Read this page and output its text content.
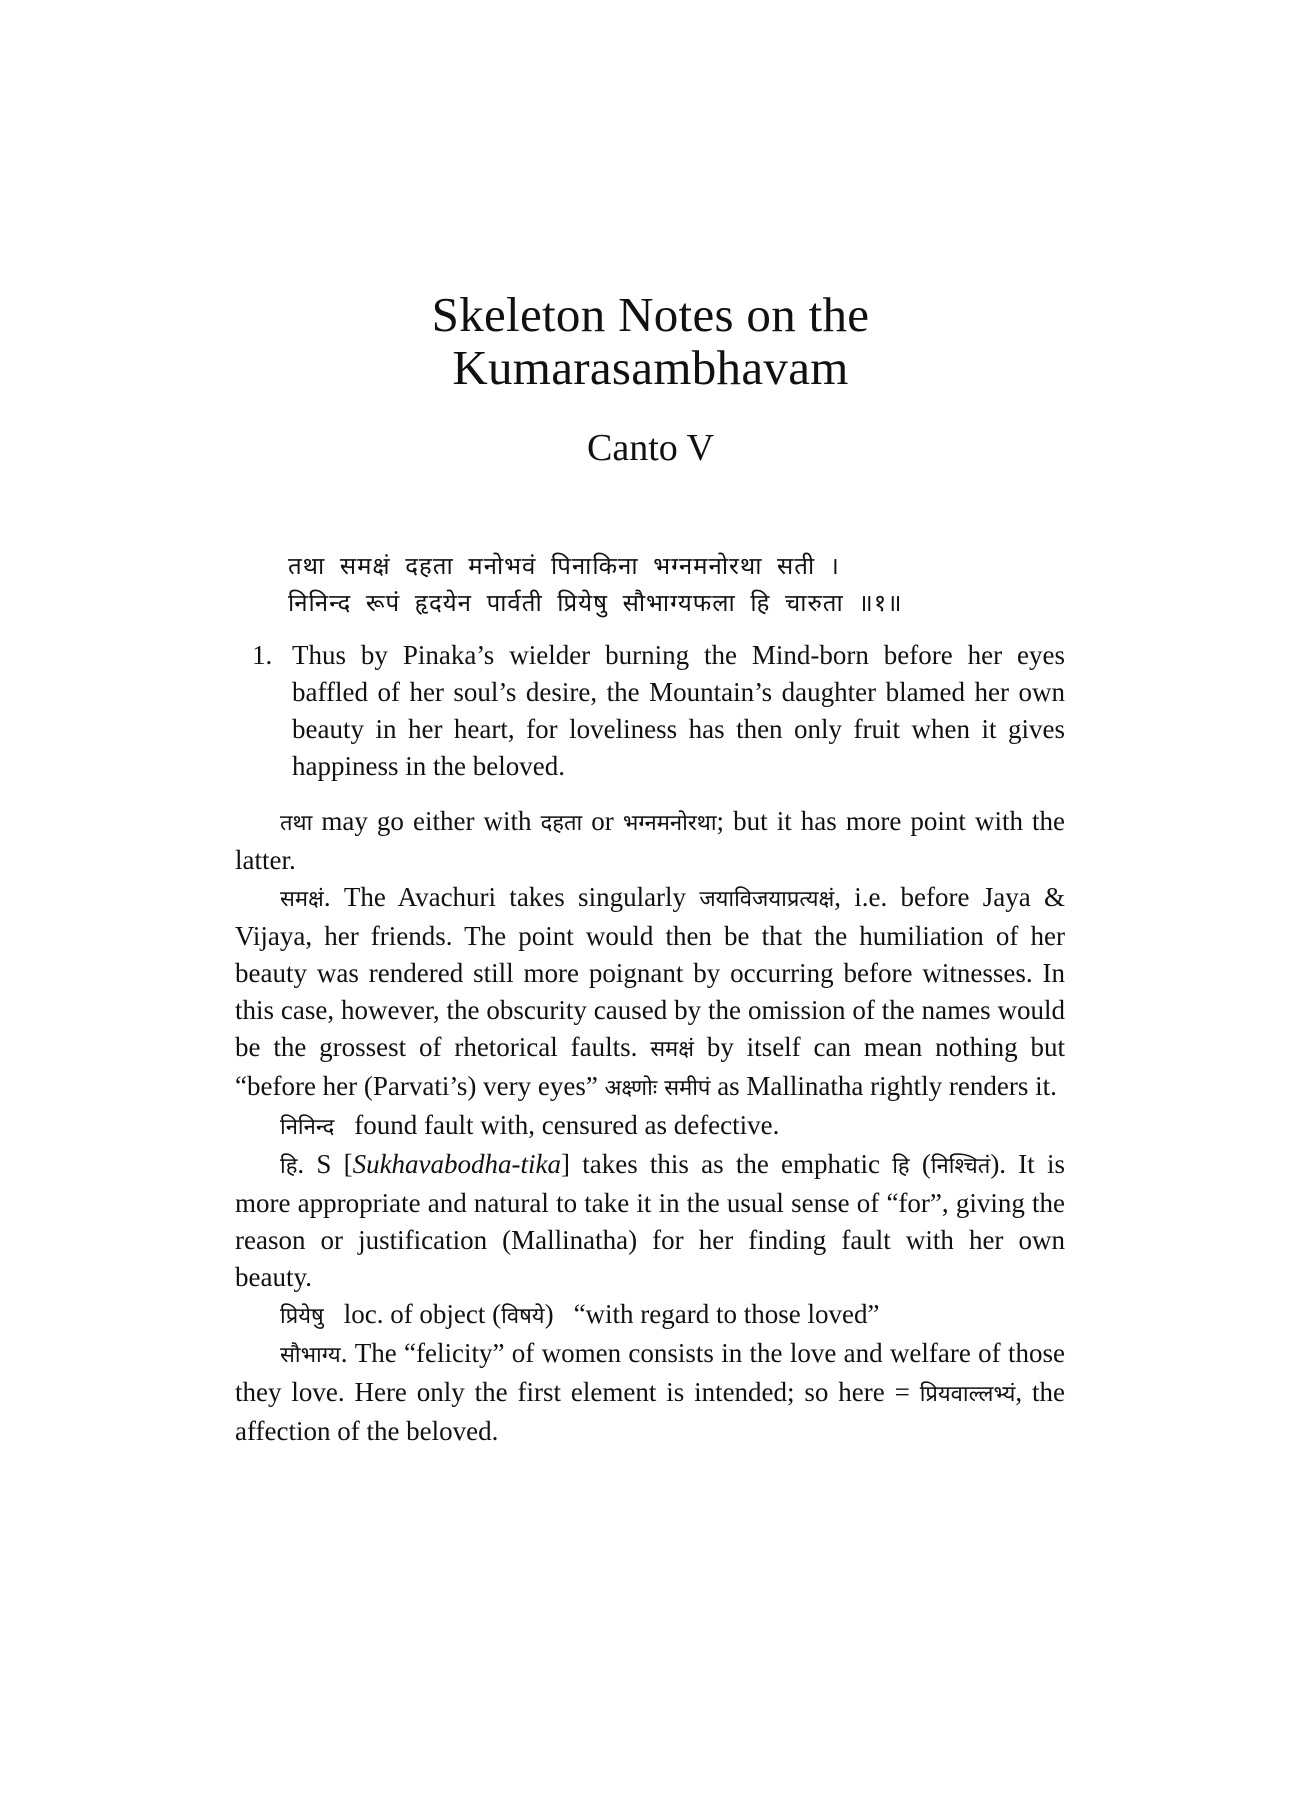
Skeleton Notes on the
Kumarasambhavam
Canto V
तथा समक्षं दहता मनोभवं पिनाकिना भग्नमनोरथा सती ।
निनिन्द रूपं हृदयेन पार्वती प्रियेषु सौभाग्यफला हि चारुता ॥१॥
1. Thus by Pinaka’s wielder burning the Mind-born before her eyes baffled of her soul’s desire, the Mountain’s daughter blamed her own beauty in her heart, for loveliness has then only fruit when it gives happiness in the beloved.

तथा may go either with दहता or भग्नमनोरथा; but it has more point with the latter.

समक्षं. The Avachuri takes singularly जयाविजयाप्रत्यक्षं, i.e. before Jaya & Vijaya, her friends. The point would then be that the humiliation of her beauty was rendered still more poignant by occurring before witnesses. In this case, however, the obscurity caused by the omission of the names would be the grossest of rhetorical faults. समक्षं by itself can mean nothing but “before her (Parvati’s) very eyes” अक्ष्णोः समीपं as Mallinatha rightly renders it.

निनिन्द found fault with, censured as defective.

हि. S [Sukhavabodha-tika] takes this as the emphatic हि (निश्चितं). It is more appropriate and natural to take it in the usual sense of “for”, giving the reason or justification (Mallinatha) for her finding fault with her own beauty.

प्रियेषु loc. of object (विषये) “with regard to those loved”

सौभाग्य. The “felicity” of women consists in the love and welfare of those they love. Here only the first element is intended; so here = प्रियवाल्लभ्यं, the affection of the beloved.
